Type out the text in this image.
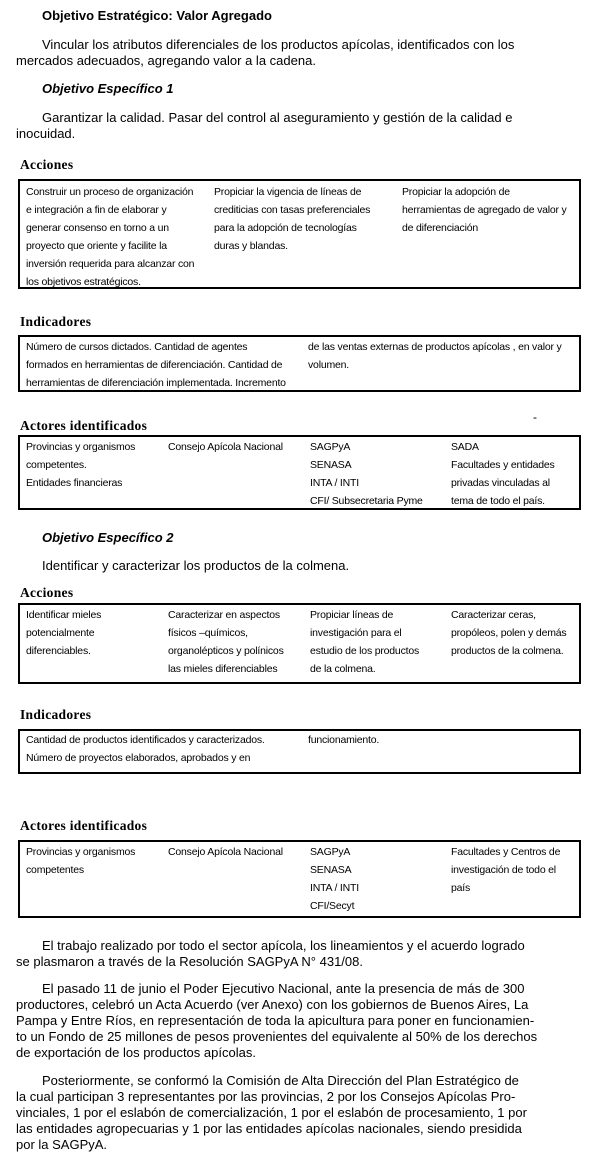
Objetivo Estratégico: Valor Agregado
Vincular los atributos diferenciales de los productos apícolas, identificados con los
mercados adecuados, agregando valor a la cadena.
Objetivo Específico 1
Garantizar la calidad. Pasar del control al aseguramiento y gestión de la calidad e
inocuidad.
Acciones
Construir un proceso de organización
e integración a fin de elaborar y
generar consenso en torno a un
proyecto que oriente y facilite la
inversión requerida para alcanzar con
los objetivos estratégicos.
Propiciar la vigencia de líneas de
crediticias con tasas preferenciales
para la adopción de tecnologías
duras y blandas.
Propiciar la adopción de
herramientas de agregado de valor y
de diferenciación
Indicadores
Número de cursos dictados. Cantidad de agentes
formados en herramientas de diferenciación. Cantidad de
herramientas de diferenciación implementada. Incremento
de las ventas externas de productos apícolas , en valor y
volumen.
Actores identificados
-
Provincias y organismos
competentes.
Entidades financieras
Consejo Apícola Nacional	SAGPyA
SENASA
INTA / INTI
CFI/ Subsecretaria Pyme
SADA
Facultades y entidades
privadas vinculadas al
tema de todo el país.
Objetivo Específico 2
Identificar y caracterizar los productos de la colmena.
Acciones
Identificar mieles
potencialmente
diferenciables.
Caracterizar en aspectos
físicos –químicos,
organolépticos y polínicos
las mieles diferenciables
Propiciar líneas de
investigación para el
estudio de los productos
de la colmena.
Caracterizar ceras,
propóleos, polen y demás
productos de la colmena.
Indicadores
Cantidad de productos identificados y caracterizados.
Número de proyectos elaborados, aprobados y en
funcionamiento.
Actores identificados
Provincias y organismos
competentes
Consejo Apícola Nacional	SAGPyA
SENASA
INTA / INTI
CFI/Secyt
Facultades y Centros de
investigación de todo el
país
El trabajo realizado por todo el sector apícola, los lineamientos y el acuerdo logrado
se plasmaron a través de la Resolución SAGPyA N° 431/08.
El pasado 11 de junio el Poder Ejecutivo Nacional, ante la presencia de más de 300
productores, celebró un Acta Acuerdo (ver Anexo) con los gobiernos de Buenos Aires, La
Pampa y Entre Ríos, en representación de toda la apicultura para poner en funcionamien-
to un Fondo de 25 millones de pesos provenientes del equivalente al 50% de los derechos
de exportación de los productos apícolas.
Posteriormente, se conformó la Comisión de Alta Dirección del Plan Estratégico de
la cual participan 3 representantes por las provincias, 2 por los Consejos Apícolas Pro-
vinciales, 1 por el eslabón de comercialización, 1 por el eslabón de procesamiento, 1 por
las entidades agropecuarias y 1 por las entidades apícolas nacionales, siendo presidida
por la SAGPyA.
